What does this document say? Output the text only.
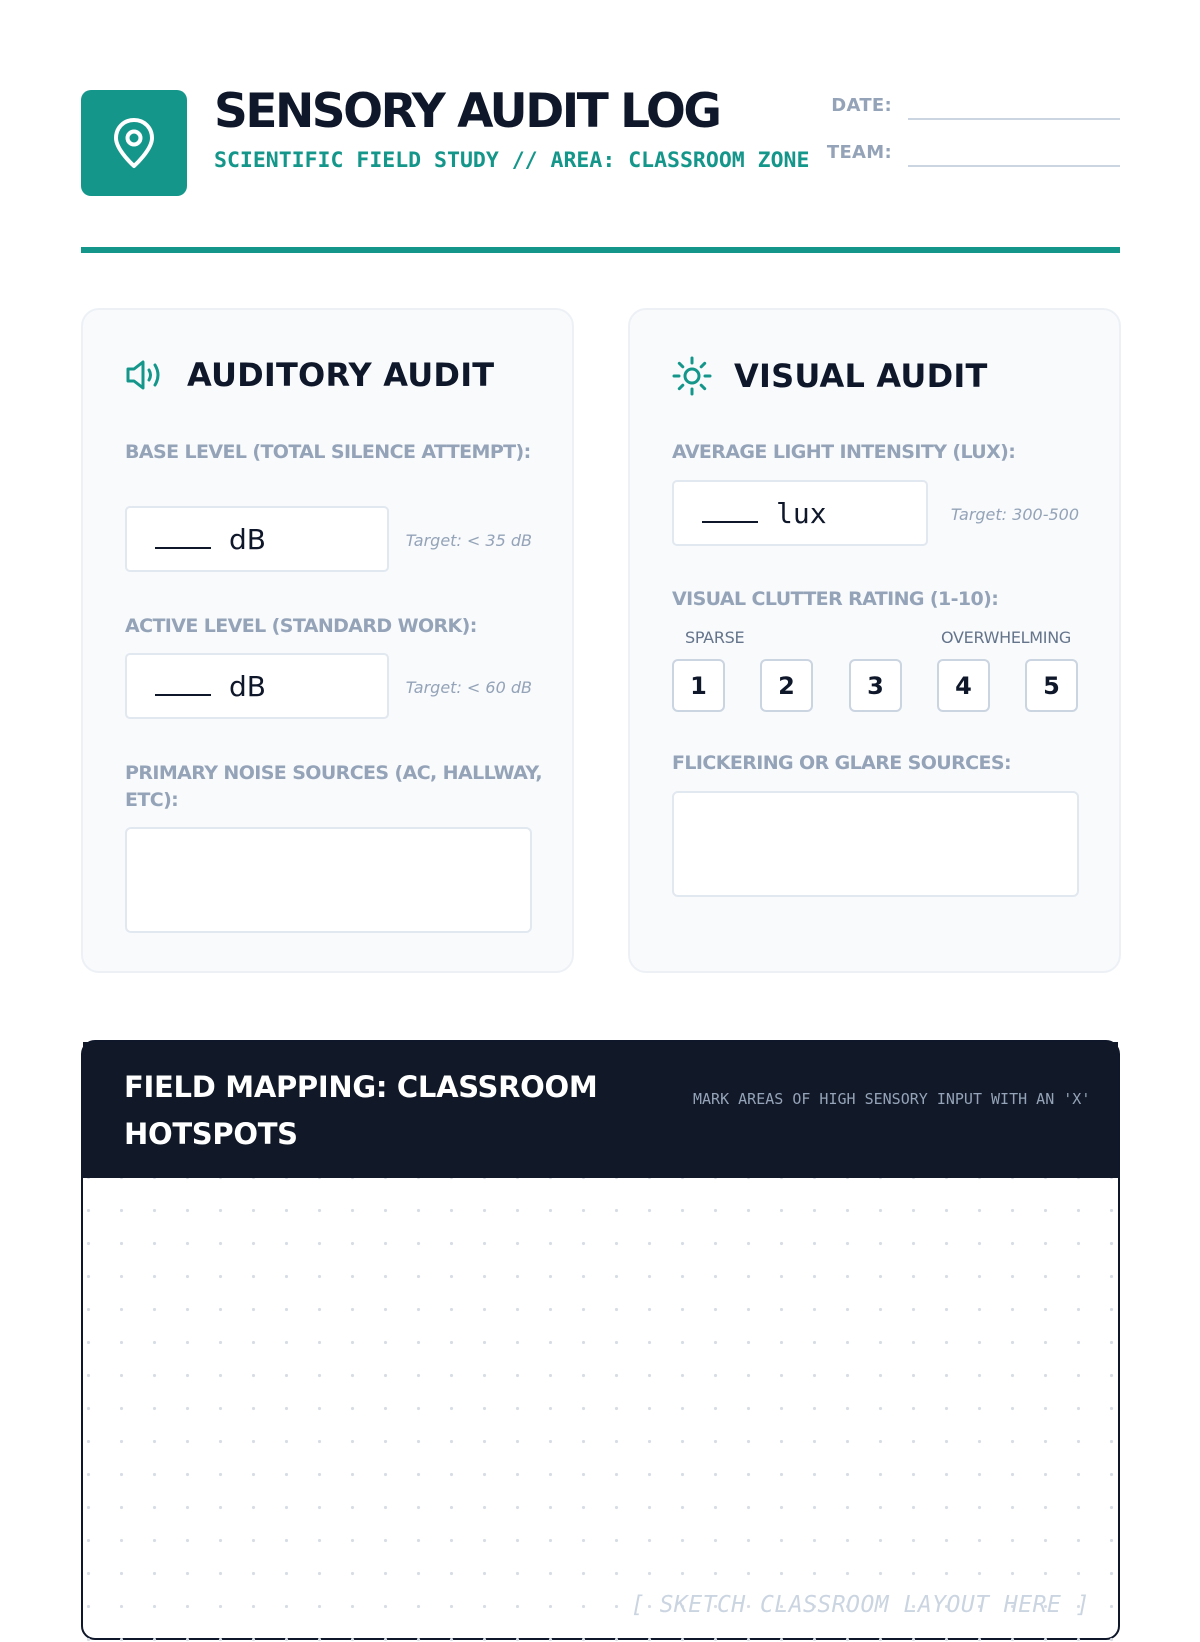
SENSORY AUDIT LOG
SCIENTIFIC FIELD STUDY // AREA: CLASSROOM ZONE
DATE:
TEAM:
AUDITORY AUDIT
BASE LEVEL (TOTAL SILENCE ATTEMPT):
dB	Target: < 35 dB
ACTIVE LEVEL (STANDARD WORK):
dB	Target: < 60 dB
PRIMARY NOISE SOURCES (AC, HALLWAY, ETC):
VISUAL AUDIT
AVERAGE LIGHT INTENSITY (LUX):
lux	Target: 300-500
VISUAL CLUTTER RATING (1-10):
SPARSE	OVERWHELMING
1	2	3	4	5
FLICKERING OR GLARE SOURCES:
FIELD MAPPING: CLASSROOM HOTSPOTS
MARK AREAS OF HIGH SENSORY INPUT WITH AN 'X'
[ SKETCH CLASSROOM LAYOUT HERE ]
